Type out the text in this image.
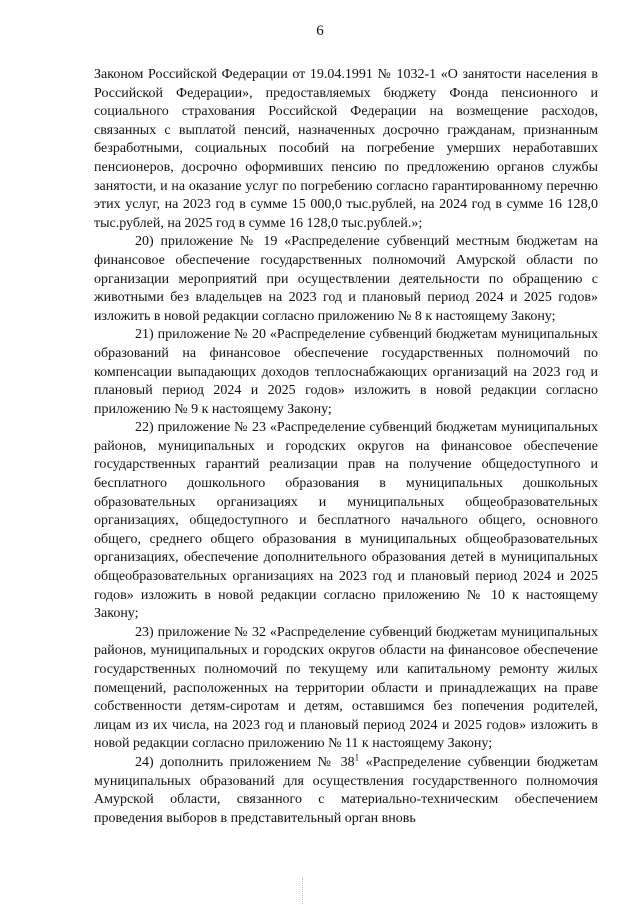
6

Законом Российской Федерации от 19.04.1991 № 1032-1 «О занятости населения в Российской Федерации», предоставляемых бюджету Фонда пенсионного и социального страхования Российской Федерации на возмещение расходов, связанных с выплатой пенсий, назначенных досрочно гражданам, признанным безработными, социальных пособий на погребение умерших неработавших пенсионеров, досрочно оформивших пенсию по предложению органов службы занятости, и на оказание услуг по погребению согласно гарантированному перечню этих услуг, на 2023 год в сумме 15 000,0 тыс.рублей, на 2024 год в сумме 16 128,0 тыс.рублей, на 2025 год в сумме 16 128,0 тыс.рублей.»;

20) приложение № 19 «Распределение субвенций местным бюджетам на финансовое обеспечение государственных полномочий Амурской области по организации мероприятий при осуществлении деятельности по обращению с животными без владельцев на 2023 год и плановый период 2024 и 2025 годов» изложить в новой редакции согласно приложению № 8 к настоящему Закону;

21) приложение № 20 «Распределение субвенций бюджетам муниципальных образований на финансовое обеспечение государственных полномочий по компенсации выпадающих доходов теплоснабжающих организаций на 2023 год и плановый период 2024 и 2025 годов» изложить в новой редакции согласно приложению № 9 к настоящему Закону;

22) приложение № 23 «Распределение субвенций бюджетам муниципальных районов, муниципальных и городских округов на финансовое обеспечение государственных гарантий реализации прав на получение общедоступного и бесплатного дошкольного образования в муниципальных дошкольных образовательных организациях и муниципальных общеобразовательных организациях, общедоступного и бесплатного начального общего, основного общего, среднего общего образования в муниципальных общеобразовательных организациях, обеспечение дополнительного образования детей в муниципальных общеобразовательных организациях на 2023 год и плановый период 2024 и 2025 годов» изложить в новой редакции согласно приложению № 10 к настоящему Закону;

23) приложение № 32 «Распределение субвенций бюджетам муниципальных районов, муниципальных и городских округов области на финансовое обеспечение государственных полномочий по текущему или капитальному ремонту жилых помещений, расположенных на территории области и принадлежащих на праве собственности детям-сиротам и детям, оставшимся без попечения родителей, лицам из их числа, на 2023 год и плановый период 2024 и 2025 годов» изложить в новой редакции согласно приложению № 11 к настоящему Закону;

24) дополнить приложением № $38^1$ «Распределение субвенции бюджетам муниципальных образований для осуществления государственного полномочия Амурской области, связанного с материально-техническим обеспечением проведения выборов в представительный орган вновь
